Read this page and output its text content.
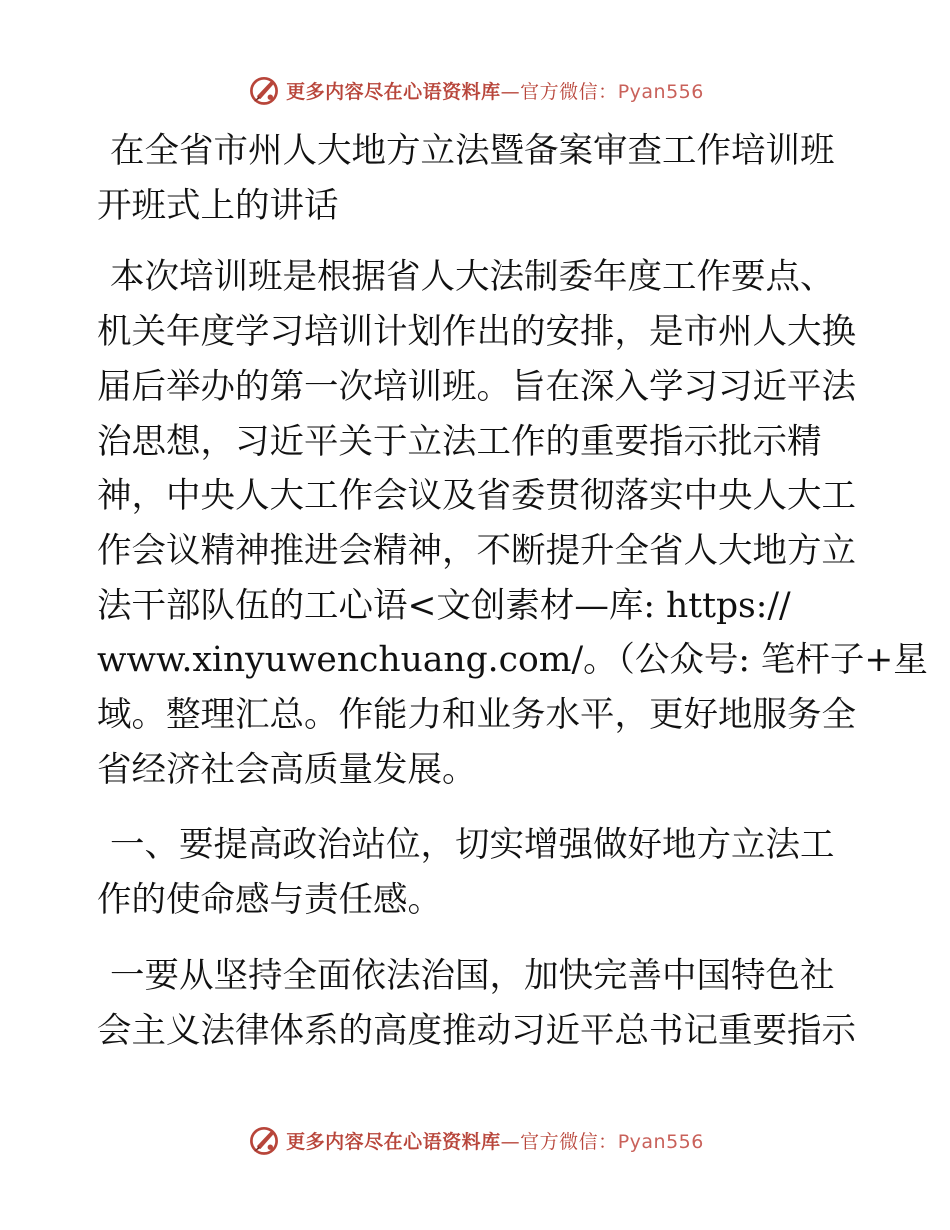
更多内容尽在心语资料库—官方微信：Pyan556
在全省市州人大地方立法暨备案审查工作培训班
开班式上的讲话
本次培训班是根据省人大法制委年度工作要点、
机关年度学习培训计划作出的安排，是市州人大换
届后举办的第一次培训班。旨在深入学习习近平法
治思想，习近平关于立法工作的重要指示批示精
神，中央人大工作会议及省委贯彻落实中央人大工
作会议精神推进会精神，不断提升全省人大地方立
法干部队伍的工心语<文创素材—库: https://
www.xinyuwenchuang.com/。（公众号: 笔杆子+星
域。整理汇总。作能力和业务水平，更好地服务全
省经济社会高质量发展。
一、要提高政治站位，切实增强做好地方立法工
作的使命感与责任感。
一要从坚持全面依法治国，加快完善中国特色社
会主义法律体系的高度推动习近平总书记重要指示
更多内容尽在心语资料库—官方微信：Pyan556
